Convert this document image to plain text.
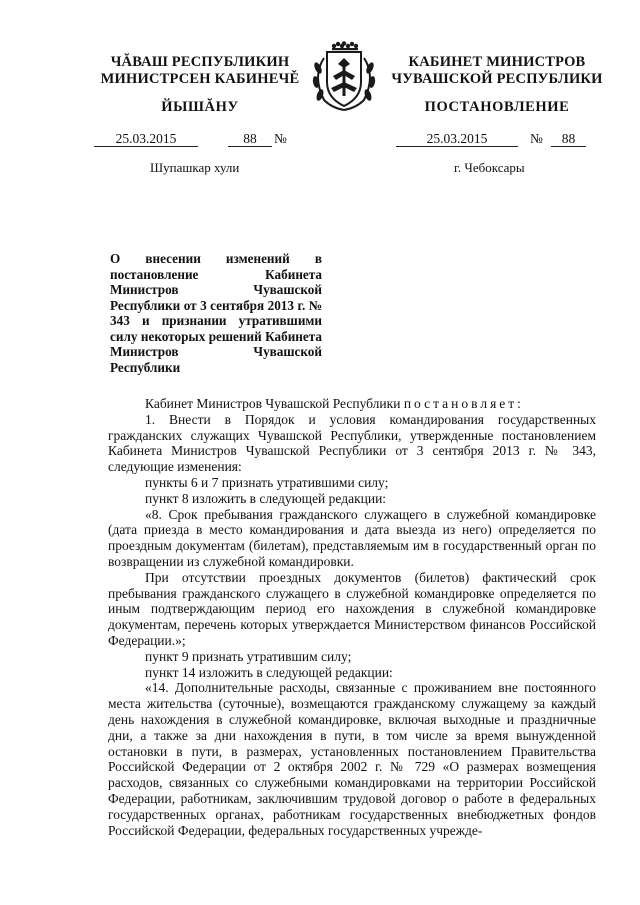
ЧĂВАШ РЕСПУБЛИКИН
МИНИСТРСЕН КАБИНЕЧĚ
ЙЫШĂНУ
КАБИНЕТ МИНИСТРОВ
ЧУВАШСКОЙ РЕСПУБЛИКИ
ПОСТАНОВЛЕНИЕ
25.03.2015	88	№	25.03.2015	№	88
Шупашкар хули	г. Чебоксары
О внесении изменений в постановление Кабинета Министров Чувашской Республики от 3 сентября 2013 г. № 343 и признании утратившими силу некоторых решений Кабинета Министров Чувашской Республики

Кабинет Министров Чувашской Республики постановляет:

1. Внести в Порядок и условия командирования государственных гражданских служащих Чувашской Республики, утвержденные постановлением Кабинета Министров Чувашской Республики от 3 сентября 2013 г. № 343, следующие изменения:

пункты 6 и 7 признать утратившими силу;

пункт 8 изложить в следующей редакции:

«8. Срок пребывания гражданского служащего в служебной командировке (дата приезда в место командирования и дата выезда из него) определяется по проездным документам (билетам), представляемым им в государственный орган по возвращении из служебной командировки.

При отсутствии проездных документов (билетов) фактический срок пребывания гражданского служащего в служебной командировке определяется по иным подтверждающим период его нахождения в служебной командировке документам, перечень которых утверждается Министерством финансов Российской Федерации.»;

пункт 9 признать утратившим силу;

пункт 14 изложить в следующей редакции:

«14. Дополнительные расходы, связанные с проживанием вне постоянного места жительства (суточные), возмещаются гражданскому служащему за каждый день нахождения в служебной командировке, включая выходные и праздничные дни, а также за дни нахождения в пути, в том числе за время вынужденной остановки в пути, в размерах, установленных постановлением Правительства Российской Федерации от 2 октября 2002 г. № 729 «О размерах возмещения расходов, связанных со служебными командировками на территории Российской Федерации, работникам, заключившим трудовой договор о работе в федеральных государственных органах, работникам государственных внебюджетных фондов Российской Федерации, федеральных государственных учрежде-
